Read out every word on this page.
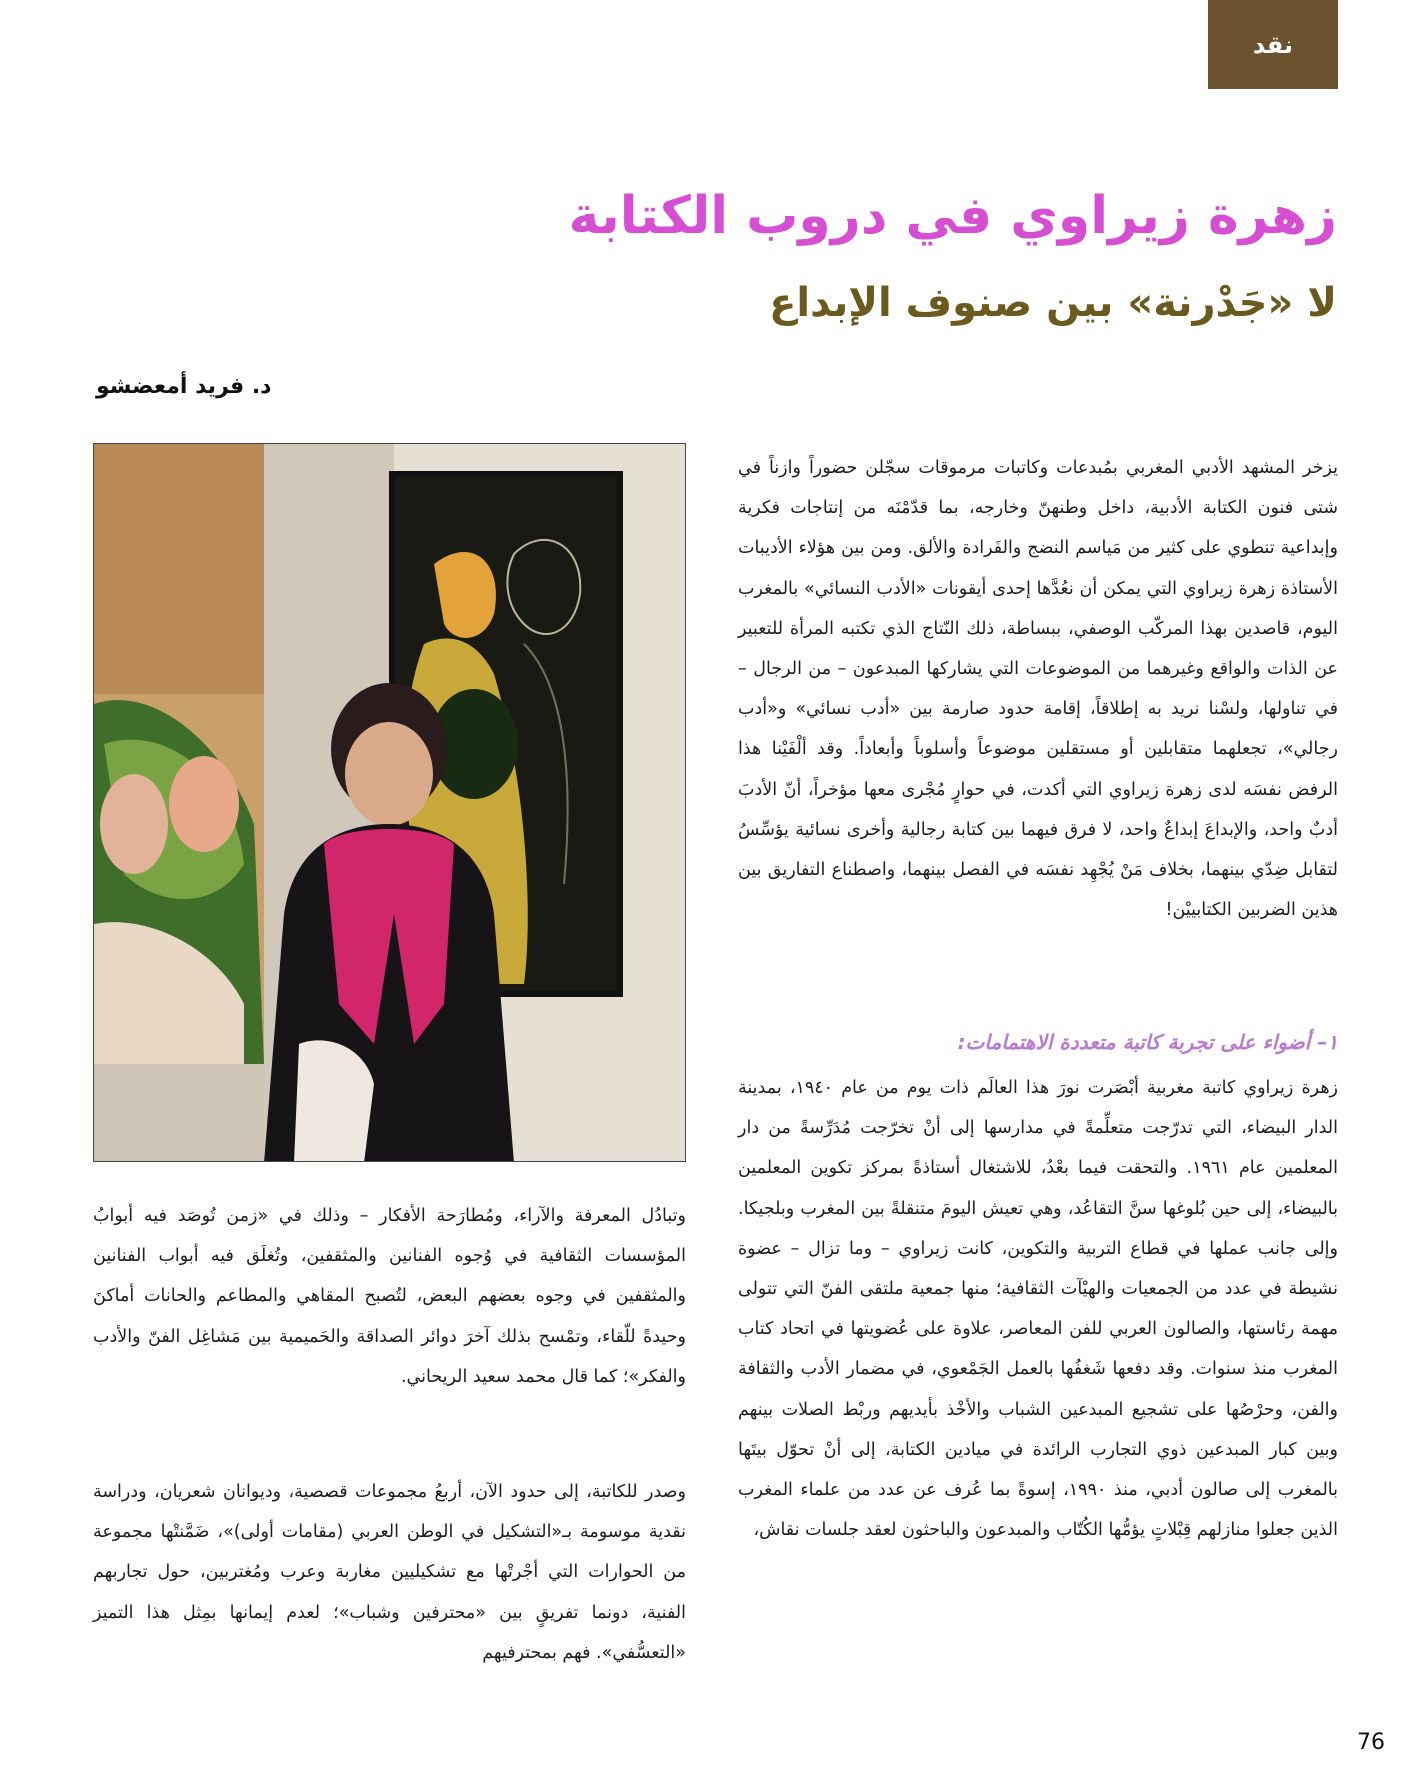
نقد
زهرة زيراوي في دروب الكتابة
لا «جَدْرنة» بين صنوف الإبداع
د. فريد أمعضشو

يزخر المشهد الأدبي المغربي بمُبدعات وكاتبات مرموقات سجّلن حضوراً وازناً في شتى فنون الكتابة الأدبية، داخل وطنهنّ وخارجه، بما قدّمْنَه من إنتاجات فكرية وإبداعية تنطوي على كثير من مَياسم النضج والفَرادة والألق. ومن بين هؤلاء الأديبات الأستاذة زهرة زيراوي التي يمكن أن نعُدَّها إحدى أيقونات «الأدب النسائي» بالمغرب اليوم، قاصدين بهذا المركّب الوصفي، ببساطة، ذلك النّتاج الذي تكتبه المرأة للتعبير عن الذات والواقع وغيرهما من الموضوعات التي يشاركها المبدعون – من الرجال – في تناولها، ولسْنا نريد به إطلاقاً، إقامة حدود صارمة بين «أدب نسائي» و«أدب رجالي»، تجعلهما متقابلين أو مستقلين موضوعاً وأسلوباً وأبعاداً. وقد ألْفَيْنا هذا الرفض نفسَه لدى زهرة زيراوي التي أكدت، في حوارٍ مُجْرى معها مؤخراً، أنّ الأدبَ أدبٌ واحد، والإبداعَ إبداعٌ واحد، لا فرق فيهما بين كتابة رجالية وأخرى نسائية يؤسِّسُ لتقابل ضِدّي بينهما، بخلاف مَنْ يُجْهِد نفسَه في الفصل بينهما، واصطناع التفاريق بين هذين الضربين الكتابييْن!

١– أضواء على تجربة كاتبة متعددة الاهتمامات:

زهرة زيراوي كاتبة مغربية أبْصَرت نورَ هذا العالَم ذات يوم من عام ١٩٤٠، بمدينة الدار البيضاء، التي تدرّجت متعلِّمةً في مدارسها إلى أنْ تخرّجت مُدَرِّسةً من دار المعلمين عام ١٩٦١. والتحقت فيما بعْدُ، للاشتغال أستاذةً بمركز تكوين المعلمين بالبيضاء، إلى حين بُلوغها سنَّ التقاعُد، وهي تعيش اليومَ متنقلةً بين المغرب وبلجيكا. وإلى جانب عملها في قطاع التربية والتكوين، كانت زيراوي – وما تزال – عضوة نشيطة في عدد من الجمعيات والهيْآت الثقافية؛ منها جمعية ملتقى الفنّ التي تتولى مهمة رئاستها، والصالون العربي للفن المعاصر، علاوة على عُضويتها في اتحاد كتاب المغرب منذ سنوات. وقد دفعها شَغفُها بالعمل الجَمْعوي، في مضمار الأدب والثقافة والفن، وحرْصُها على تشجيع المبدعين الشباب والأخْذ بأيديهم وربْط الصلات بينهم وبين كبار المبدعين ذوي التجارب الرائدة في ميادين الكتابة، إلى أنْ تحوّل بيتَها بالمغرب إلى صالون أدبي، منذ ١٩٩٠، إسوةً بما عُرف عن عدد من علماء المغرب الذين جعلوا منازلهم قِبْلاتٍ يؤمُّها الكُتّاب والمبدعون والباحثون لعقد جلسات نقاش،

وتبادُل المعرفة والآراء، ومُطارَحة الأفكار – وذلك في «زمن تُوصَد فيه أبوابُ المؤسسات الثقافية في وُجوه الفنانين والمثقفين، وتُغلَق فيه أبواب الفنانين والمثقفين في وجوه بعضهم البعض، لتُصبح المقاهي والمطاعم والحانات أماكنَ وحيدةً للّقاء، وتمْسح بذلك آخرَ دوائر الصداقة والحَميمية بين مَشاغِل الفنّ والأدب والفكر»؛ كما قال محمد سعيد الريحاني.

وصدر للكاتبة، إلى حدود الآن، أربعُ مجموعات قصصية، وديوانان شعريان، ودراسة نقدية موسومة بـ«التشكيل في الوطن العربي (مقامات أولى)»، ضَمَّنتْها مجموعة من الحوارات التي أجْرتْها مع تشكيليين مغاربة وعرب ومُغتربين، حول تجاربهم الفنية، دونما تفريقٍ بين «محترفين وشباب»؛ لعدم إيمانها بمِثل هذا التميز «التعسُّفي». فهم بمحترفيهم

76
